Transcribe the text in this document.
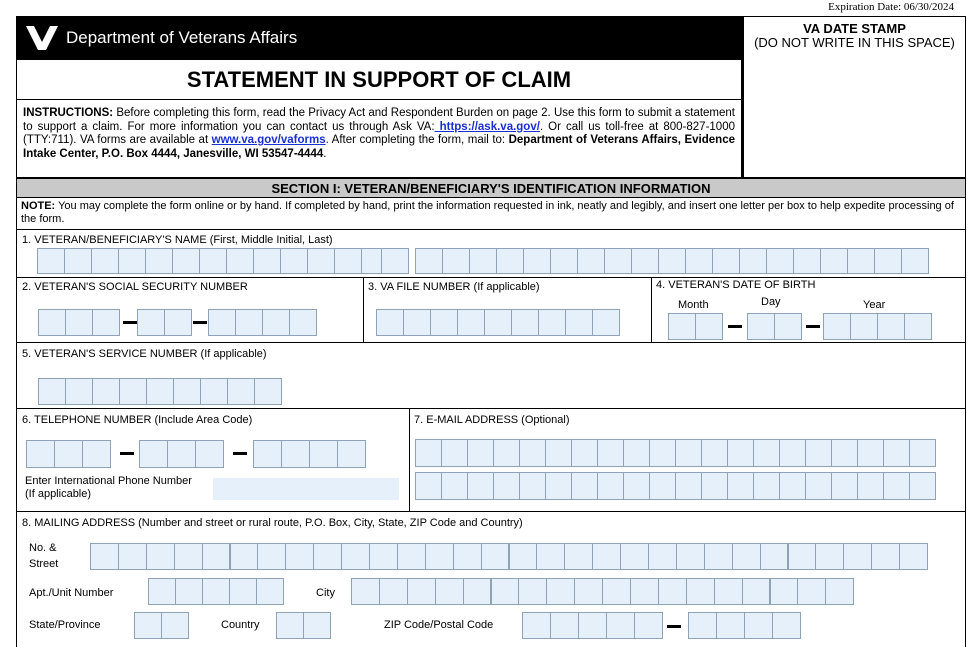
Expiration Date: 06/30/2024
Department of Veterans Affairs	VA DATE STAMP
(DO NOT WRITE IN THIS SPACE)
STATEMENT IN SUPPORT OF CLAIM
INSTRUCTIONS: Before completing this form, read the Privacy Act and Respondent Burden on page 2. Use this form to submit a statement to support a claim. For more information you can contact us through Ask VA: https://ask.va.gov/. Or call us toll-free at 800-827-1000 (TTY:711). VA forms are available at www.va.gov/vaforms. After completing the form, mail to: Department of Veterans Affairs, Evidence Intake Center, P.O. Box 4444, Janesville, WI 53547-4444.
SECTION I: VETERAN/BENEFICIARY'S IDENTIFICATION INFORMATION
NOTE: You may complete the form online or by hand. If completed by hand, print the information requested in ink, neatly and legibly, and insert one letter per box to help expedite processing of the form.
1. VETERAN/BENEFICIARY'S NAME (First, Middle Initial, Last)
2. VETERAN'S SOCIAL SECURITY NUMBER	3. VA FILE NUMBER (If applicable)	4. VETERAN'S DATE OF BIRTH
Month	Day	Year
5. VETERAN'S SERVICE NUMBER (If applicable)
6. TELEPHONE NUMBER (Include Area Code)	7. E-MAIL ADDRESS (Optional)
Enter International Phone Number
(If applicable)
8. MAILING ADDRESS (Number and street or rural route, P.O. Box, City, State, ZIP Code and Country)
No. &
Street
Apt./Unit Number	City
State/Province	Country	ZIP Code/Postal Code
